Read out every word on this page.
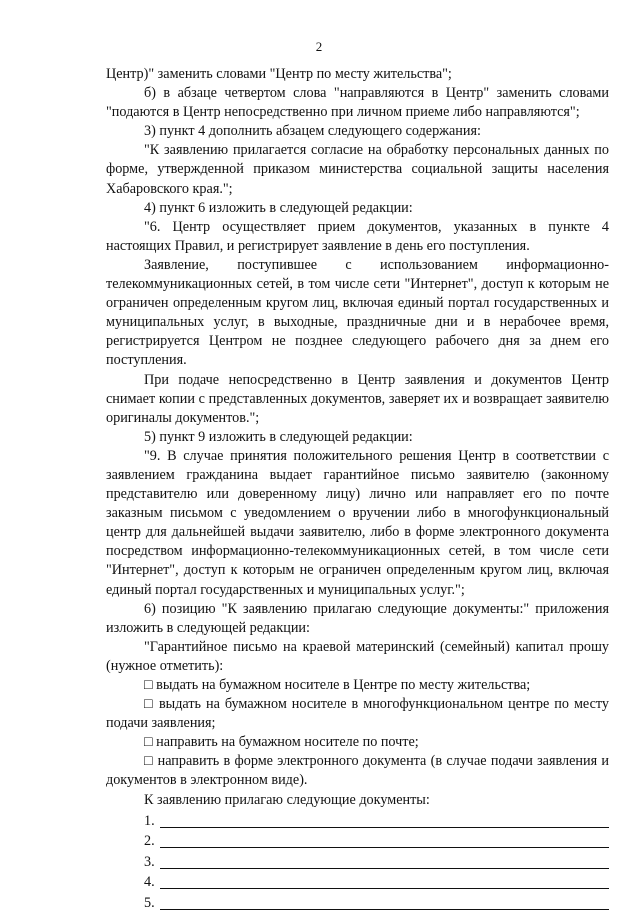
2

Центр)" заменить словами "Центр по месту жительства";

б) в абзаце четвертом слова "направляются в Центр" заменить словами "подаются в Центр непосредственно при личном приеме либо направляются";

3) пункт 4 дополнить абзацем следующего содержания:

"К заявлению прилагается согласие на обработку персональных данных по форме, утвержденной приказом министерства социальной защиты населения Хабаровского края.";

4) пункт 6 изложить в следующей редакции:

"6. Центр осуществляет прием документов, указанных в пункте 4 настоящих Правил, и регистрирует заявление в день его поступления.

Заявление, поступившее с использованием информационно-телекоммуникационных сетей, в том числе сети "Интернет", доступ к которым не ограничен определенным кругом лиц, включая единый портал государственных и муниципальных услуг, в выходные, праздничные дни и в нерабочее время, регистрируется Центром не позднее следующего рабочего дня за днем его поступления.

При подаче непосредственно в Центр заявления и документов Центр снимает копии с представленных документов, заверяет их и возвращает заявителю оригиналы документов.";

5) пункт 9 изложить в следующей редакции:

"9. В случае принятия положительного решения Центр в соответствии с заявлением гражданина выдает гарантийное письмо заявителю (законному представителю или доверенному лицу) лично или направляет его по почте заказным письмом с уведомлением о вручении либо в многофункциональный центр для дальнейшей выдачи заявителю, либо в форме электронного документа посредством информационно-телекоммуникационных сетей, в том числе сети "Интернет", доступ к которым не ограничен определенным кругом лиц, включая единый портал государственных и муниципальных услуг.";

6) позицию "К заявлению прилагаю следующие документы:" приложения изложить в следующей редакции:

"Гарантийное письмо на краевой материнский (семейный) капитал прошу (нужное отметить):

□ выдать на бумажном носителе в Центре по месту жительства;

□ выдать на бумажном носителе в многофункциональном центре по месту подачи заявления;

□ направить на бумажном носителе по почте;

□ направить в форме электронного документа (в случае подачи заявления и документов в электронном виде).

К заявлению прилагаю следующие документы:

1.
2.
3.
4.
5.
